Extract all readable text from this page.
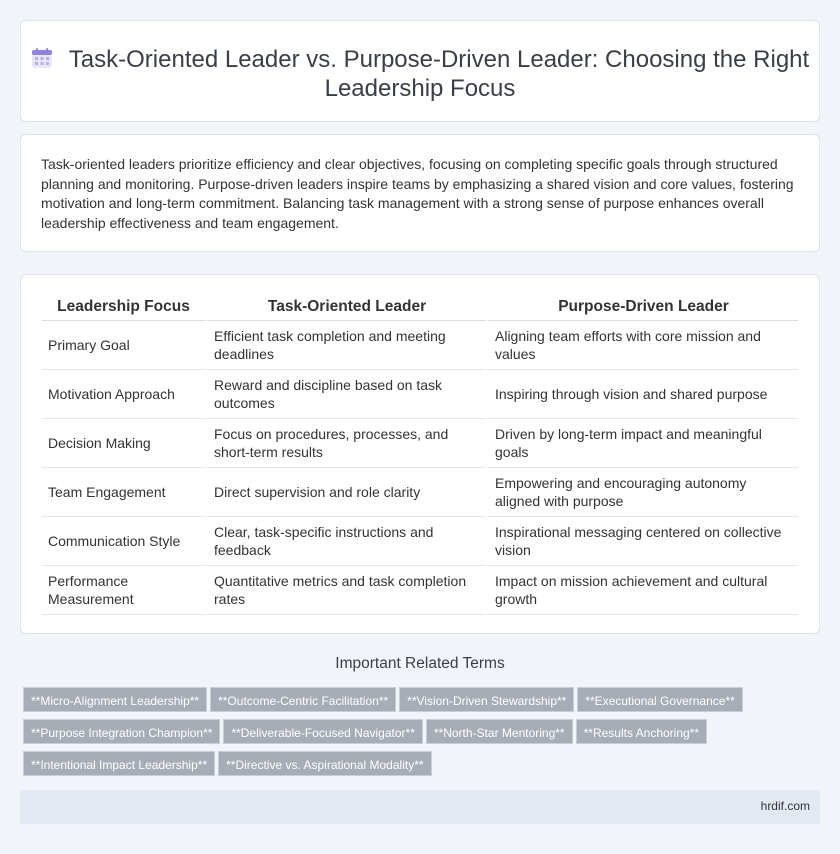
Task-Oriented Leader vs. Purpose-Driven Leader: Choosing the Right Leadership Focus

Task-oriented leaders prioritize efficiency and clear objectives, focusing on completing specific goals through structured planning and monitoring. Purpose-driven leaders inspire teams by emphasizing a shared vision and core values, fostering motivation and long-term commitment. Balancing task management with a strong sense of purpose enhances overall leadership effectiveness and team engagement.

Leadership Focus	Task-Oriented Leader	Purpose-Driven Leader
Primary Goal	Efficient task completion and meeting deadlines	Aligning team efforts with core mission and values
Motivation Approach	Reward and discipline based on task outcomes	Inspiring through vision and shared purpose
Decision Making	Focus on procedures, processes, and short-term results	Driven by long-term impact and meaningful goals
Team Engagement	Direct supervision and role clarity	Empowering and encouraging autonomy aligned with purpose
Communication Style	Clear, task-specific instructions and feedback	Inspirational messaging centered on collective vision
Performance Measurement	Quantitative metrics and task completion rates	Impact on mission achievement and cultural growth
Important Related Terms
**Micro-Alignment Leadership** **Outcome-Centric Facilitation** **Vision-Driven Stewardship** **Executional Governance**
**Purpose Integration Champion** **Deliverable-Focused Navigator** **North-Star Mentoring** **Results Anchoring**
**Intentional Impact Leadership** **Directive vs. Aspirational Modality**
hrdif.com
